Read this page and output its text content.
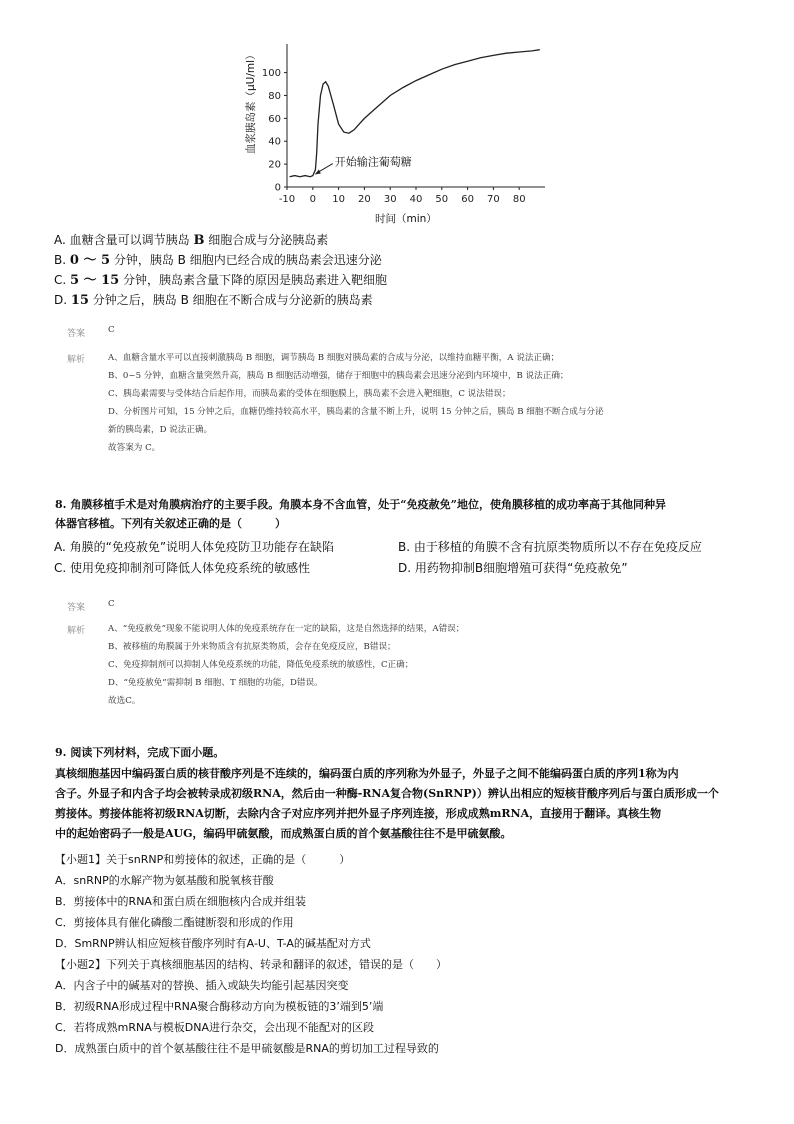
-10 0 10 20 30 40 50 60 70 80
0
20
40
60
80
100
开始输注葡萄糖
血浆胰岛素（μU/ml）
时间（min）
A. 血糖含量可以调节胰岛 B 细胞合成与分泌胰岛素
B. 0 ～ 5 分钟，胰岛 B 细胞内已经合成的胰岛素会迅速分泌
C. 5 ～ 15 分钟，胰岛素含量下降的原因是胰岛素进入靶细胞
D. 15 分钟之后，胰岛 B 细胞在不断合成与分泌新的胰岛素
答案	C
解析	A、血糖含量水平可以直接刺激胰岛 B 细胞，调节胰岛 B 细胞对胰岛素的合成与分泌，以维持血糖平衡，A 说法正确；
B、0~5 分钟，血糖含量突然升高，胰岛 B 细胞活动增强，储存于细胞中的胰岛素会迅速分泌到内环境中，B 说法正确；
C、胰岛素需要与受体结合后起作用，而胰岛素的受体在细胞膜上，胰岛素不会进入靶细胞，C 说法错误；
D、分析图片可知，15 分钟之后，血糖仍维持较高水平，胰岛素的含量不断上升，说明 15 分钟之后，胰岛 B 细胞不断合成与分泌
新的胰岛素，D 说法正确。
故答案为 C。
8. 角膜移植手术是对角膜病治疗的主要手段。角膜本身不含血管，处于“免疫赦免”地位，使角膜移植的成功率高于其他同种异
体器官移植。下列有关叙述正确的是（　　　）
A. 角膜的“免疫赦免”说明人体免疫防卫功能存在缺陷	B. 由于移植的角膜不含有抗原类物质所以不存在免疫反应
C. 使用免疫抑制剂可降低人体免疫系统的敏感性	D. 用药物抑制B细胞增殖可获得“免疫赦免”
答案	C
解析	A、“免疫赦免”现象不能说明人体的免疫系统存在一定的缺陷，这是自然选择的结果，A错误；
B、被移植的角膜属于外来物质含有抗原类物质，会存在免疫反应，B错误；
C、免疫抑制剂可以抑制人体免疫系统的功能，降低免疫系统的敏感性，C正确；
D、“免疫赦免”需抑制 B 细胞、T 细胞的功能，D错误。
故选C。
9. 阅读下列材料，完成下面小题。
真核细胞基因中编码蛋白质的核苷酸序列是不连续的，编码蛋白质的序列称为外显子，外显子之间不能编码蛋白质的序列1称为内
含子。外显子和内含子均会被转录成初级RNA，然后由一种酶-RNA复合物(SnRNP)）辨认出相应的短核苷酸序列后与蛋白质形成一个
剪接体。剪接体能将初级RNA切断，去除内含子对应序列并把外显子序列连接，形成成熟mRNA，直接用于翻译。真核生物
中的起始密码子一般是AUG，编码甲硫氨酸，而成熟蛋白质的首个氨基酸往往不是甲硫氨酸。
【小题1】关于snRNP和剪接体的叙述，正确的是（　　　）
A．snRNP的水解产物为氨基酸和脱氧核苷酸
B．剪接体中的RNA和蛋白质在细胞核内合成并组装
C．剪接体具有催化磷酸二酯键断裂和形成的作用
D．SmRNP辨认相应短核苷酸序列时有A-U、T-A的碱基配对方式
【小题2】下列关于真核细胞基因的结构、转录和翻译的叙述，错误的是（　　）
A．内含子中的碱基对的替换、插入或缺失均能引起基因突变
B．初级RNA形成过程中RNA聚合酶移动方向为模板链的3’端到5’端
C．若将成熟mRNA与模板DNA进行杂交，会出现不能配对的区段
D．成熟蛋白质中的首个氨基酸往往不是甲硫氨酸是RNA的剪切加工过程导致的
